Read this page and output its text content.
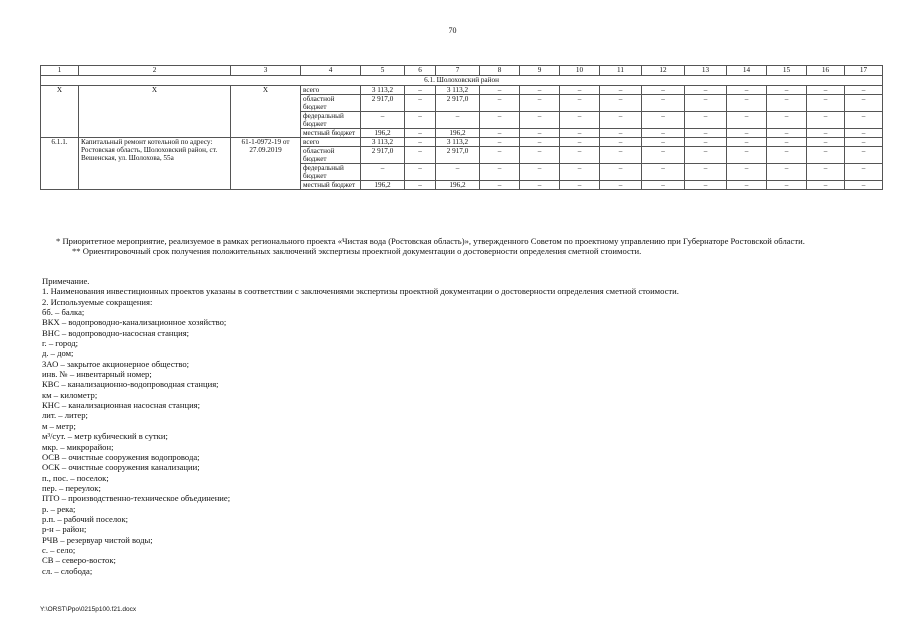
70
1	2	3	4	5	6	7	8	9	10	11	12	13	14	15	16	17
6.1. Шолоховский район																
Х	Х	Х	всего	3 113,2	–	3 113,2	–	–	–	–	–	–	–	–	–	–
			областной бюджет	2 917,0	–	2 917,0	–	–	–	–	–	–	–	–	–	–
			федеральный бюджет	–	–	–	–	–	–	–	–	–	–	–	–	–
			местный бюджет	196,2	–	196,2	–	–	–	–	–	–	–	–	–	–
6.1.1.	Капитальный ремонт котельной по адресу: Ростовская область, Шолоховский район, ст. Вешенская, ул. Шолохова, 55а	61-1-0972-19 от 27.09.2019	всего	3 113,2	–	3 113,2	–	–	–	–	–	–	–	–	–	–
			областной бюджет	2 917,0	–	2 917,0	–	–	–	–	–	–	–	–	–	–
			федеральный бюджет	–	–	–	–	–	–	–	–	–	–	–	–	–
			местный бюджет	196,2	–	196,2	–	–	–	–	–	–	–	–	–	–

* Приоритетное мероприятие, реализуемое в рамках регионального проекта «Чистая вода (Ростовская область)», утвержденного Советом по проектному управлению при Губернаторе Ростовской области.

** Ориентировочный срок получения положительных заключений экспертизы проектной документации о достоверности определения сметной стоимости.

Примечание.
1. Наименования инвестиционных проектов указаны в соответствии с заключениями экспертизы проектной документации о достоверности определения сметной стоимости.
2. Используемые сокращения:
бб. – балка;
ВКХ – водопроводно-канализационное хозяйство;
ВНС – водопроводно-насосная станция;
г. – город;
д. – дом;
ЗАО – закрытое акционерное общество;
инв. № – инвентарный номер;
КВС – канализационно-водопроводная станция;
км – километр;
КНС – канализационная насосная станция;
лит. – литер;
м – метр;
м³/сут. – метр кубический в сутки;
мкр. – микрорайон;
ОСВ – очистные сооружения водопровода;
ОСК – очистные сооружения канализации;
п., пос. – поселок;
пер. – переулок;
ПТО – производственно-техническое объединение;
р. – река;
р.п. – рабочий поселок;
р-н – район;
РЧВ – резервуар чистой воды;
с. – село;
СВ – северо-восток;
сл. – слобода;
Y:\ORST\Ppo\0215p100.f21.docx
